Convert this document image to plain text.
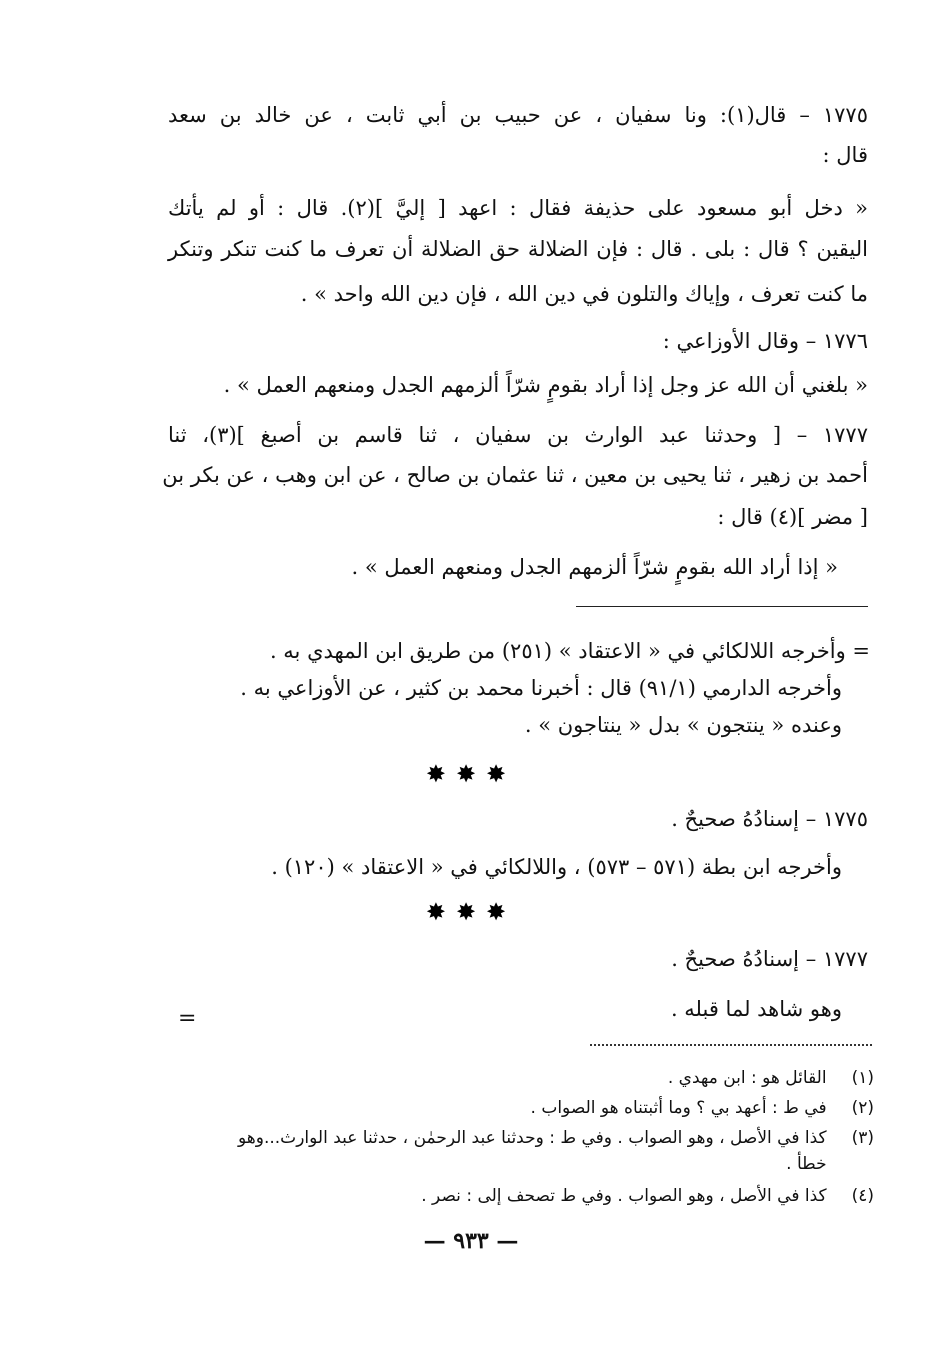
١٧٧٥ – قال(١): ونا سفيان ، عن حبيب بن أبي ثابت ، عن خالد بن سعد
قال :
« دخل أبو مسعود على حذيفة فقال : اعهد [ إليَّ ](٢). قال : أو لم يأتك
اليقين ؟ قال : بلى . قال : فإن الضلالة حق الضلالة أن تعرف ما كنت تنكر وتنكر
ما كنت تعرف ، وإياك والتلون في دين الله ، فإن دين الله واحد » .
١٧٧٦ – وقال الأوزاعي :
« بلغني أن الله عز وجل إذا أراد بقومٍ شرّاً ألزمهم الجدل ومنعهم العمل » .
١٧٧٧ – [ وحدثنا عبد الوارث بن سفيان ، ثنا قاسم بن أصبغ ](٣)، ثنا
أحمد بن زهير ، ثنا يحيى بن معين ، ثنا عثمان بن صالح ، عن ابن وهب ، عن بكر بن
[ مضر ](٤) قال :
« إذا أراد الله بقومٍ شرّاً ألزمهم الجدل ومنعهم العمل » .
= وأخرجه اللالكائي في « الاعتقاد » (٢٥١) من طريق ابن المهدي به .
وأخرجه الدارمي (٩١/١) قال : أخبرنا محمد بن كثير ، عن الأوزاعي به .
وعنده « ينتجون » بدل « ينتاجون » .
✸✸✸
١٧٧٥ – إسنادُهُ صحيحٌ .
وأخرجه ابن بطة (٥٧١ – ٥٧٣) ، واللالكائي في « الاعتقاد » (١٢٠) .
✸✸✸
١٧٧٧ – إسنادُهُ صحيحٌ .
وهو شاهد لما قبله .
=
(١) القائل هو : ابن مهدي .
(٢) في ط : أعهد بي ؟ وما أثبتناه هو الصواب .
(٣) كذا في الأصل ، وهو الصواب . وفي ط : وحدثنا عبد الرحمٰن ، حدثنا عبد الوارث...وهو
خطأ .
(٤) كذا في الأصل ، وهو الصواب . وفي ط تصحف إلى : نصر .
— ٩٣٣ —
